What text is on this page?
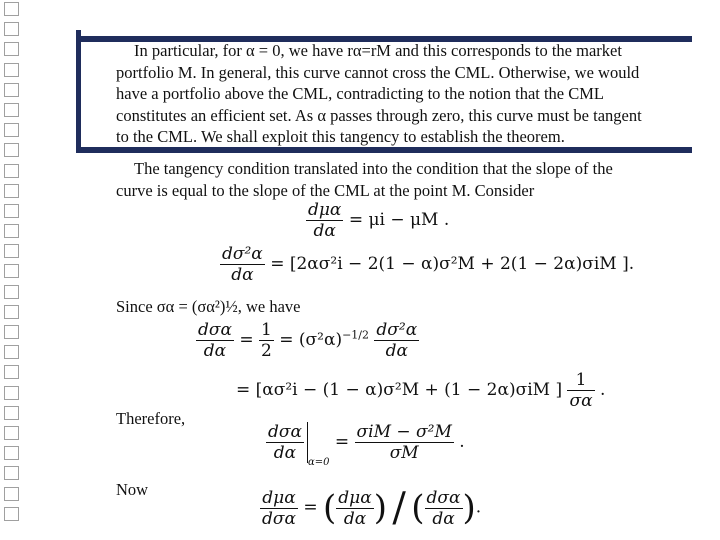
In particular, for α = 0, we have rα=rM and this corresponds to the market
portfolio M. In general, this curve cannot cross the CML. Otherwise, we would
have a portfolio above the CML, contradicting to the notion that the CML
constitutes an efficient set. As α passes through zero, this curve must be tangent
to the CML. We shall exploit this tangency to establish the theorem.
The tangency condition translated into the condition that the slope of the
curve is equal to the slope of the CML at the point M. Consider
$\frac{\text{dμα}}{d\alpha} = \mu i - \mu M$ .
$\frac{\text{dσ²α}}{d\alpha} = [2\alpha\sigma^2i - 2(1 - \alpha)\sigma^2M + 2(1 - 2\alpha)\sigma iM$ ].
Since σα = (σα²)½, we have
$\frac{\text{dσα}}{d\alpha} = \frac{1}{2} = (\sigma^2\alpha)^{-1/2} \frac{\text{dσ²α}}{d\alpha}$
= [ασ²i − (1 − α)σ²M + (1 − 2α)σiM ] $\frac{1}{\sigma\alpha}$ .
Therefore,
$\frac{\text{dσα}}{d\alpha} _{\alpha=0} = \frac{\text{σiM − σ²M}}{\sigma M}$ .
Now	$\frac{\text{dμα}}{\text{dσα}}$ = ( $\frac{\text{dμα}}{d\alpha}$ ) / ( $\frac{\text{dσα}}{d\alpha}$ ).
